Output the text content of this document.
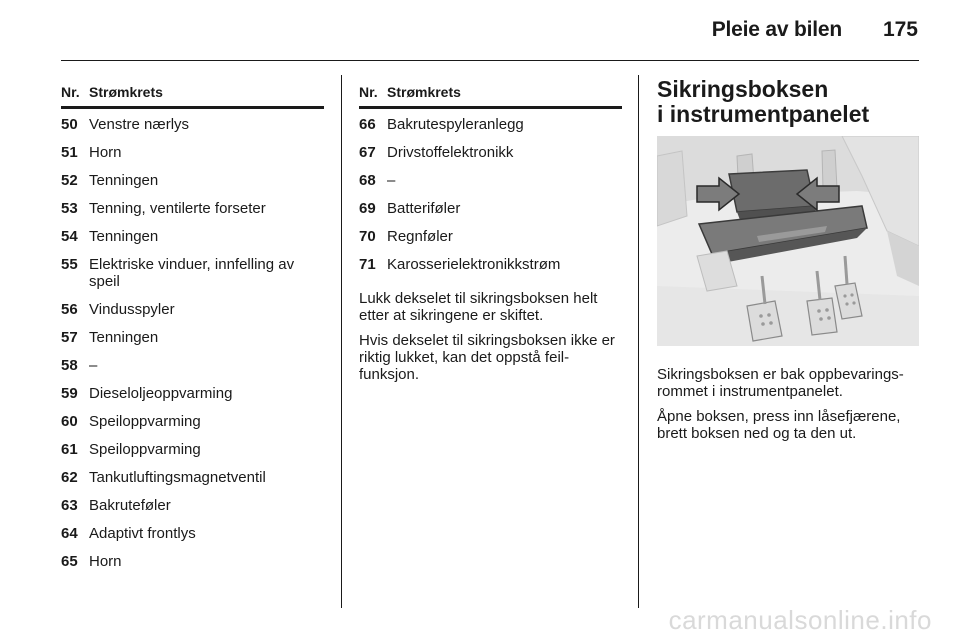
Pleie av bilen 175
Nr.	Strømkrets
50	Venstre nærlys
51	Horn
52	Tenningen
53	Tenning, ventilerte forseter
54	Tenningen
55	Elektriske vinduer, innfelling av speil
56	Vindusspyler
57	Tenningen
58	–
59	Dieseloljeoppvarming
60	Speiloppvarming
61	Speiloppvarming
62	Tankutluftingsmagnetventil
63	Bakruteføler
64	Adaptivt frontlys
65	Horn
Nr.	Strømkrets
66	Bakrutespyleranlegg
67	Drivstoffelektronikk
68	–
69	Batteriføler
70	Regnføler
71	Karosserielektronikkstrøm

Lukk dekselet til sikringsboksen helt etter at sikringene er skiftet.

Hvis dekselet til sikringsboksen ikke er riktig lukket, kan det oppstå feil-funksjon.

Sikringsboksen
i instrumentpanelet

Sikringsboksen er bak oppbevarings-rommet i instrumentpanelet.

Åpne boksen, press inn låsefjærene, brett boksen ned og ta den ut.

carmanualsonline.info
